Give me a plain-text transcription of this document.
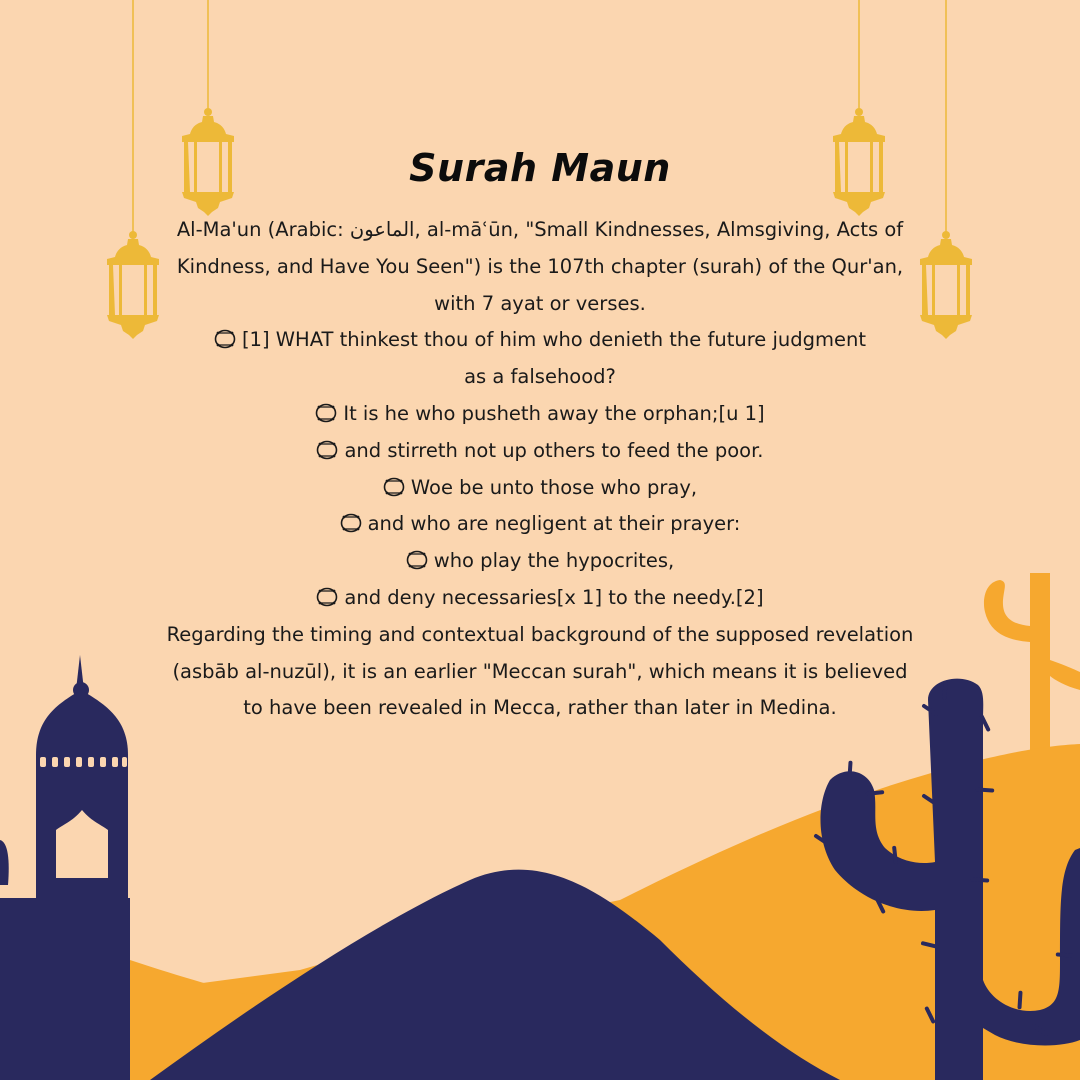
Surah Maun

Al-Ma'un (Arabic: الماعون, al-māʿūn, "Small Kindnesses, Almsgiving, Acts of Kindness, and Have You Seen") is the 107th chapter (surah) of the Qur'an, with 7 ayat or verses.

[1] WHAT thinkest thou of him who denieth the future judgment as a falsehood?
It is he who pusheth away the orphan;[u 1]
and stirreth not up others to feed the poor.
Woe be unto those who pray,
and who are negligent at their prayer:
who play the hypocrites,
and deny necessaries[x 1] to the needy.[2]

Regarding the timing and contextual background of the supposed revelation (asbāb al-nuzūl), it is an earlier "Meccan surah", which means it is believed to have been revealed in Mecca, rather than later in Medina.
